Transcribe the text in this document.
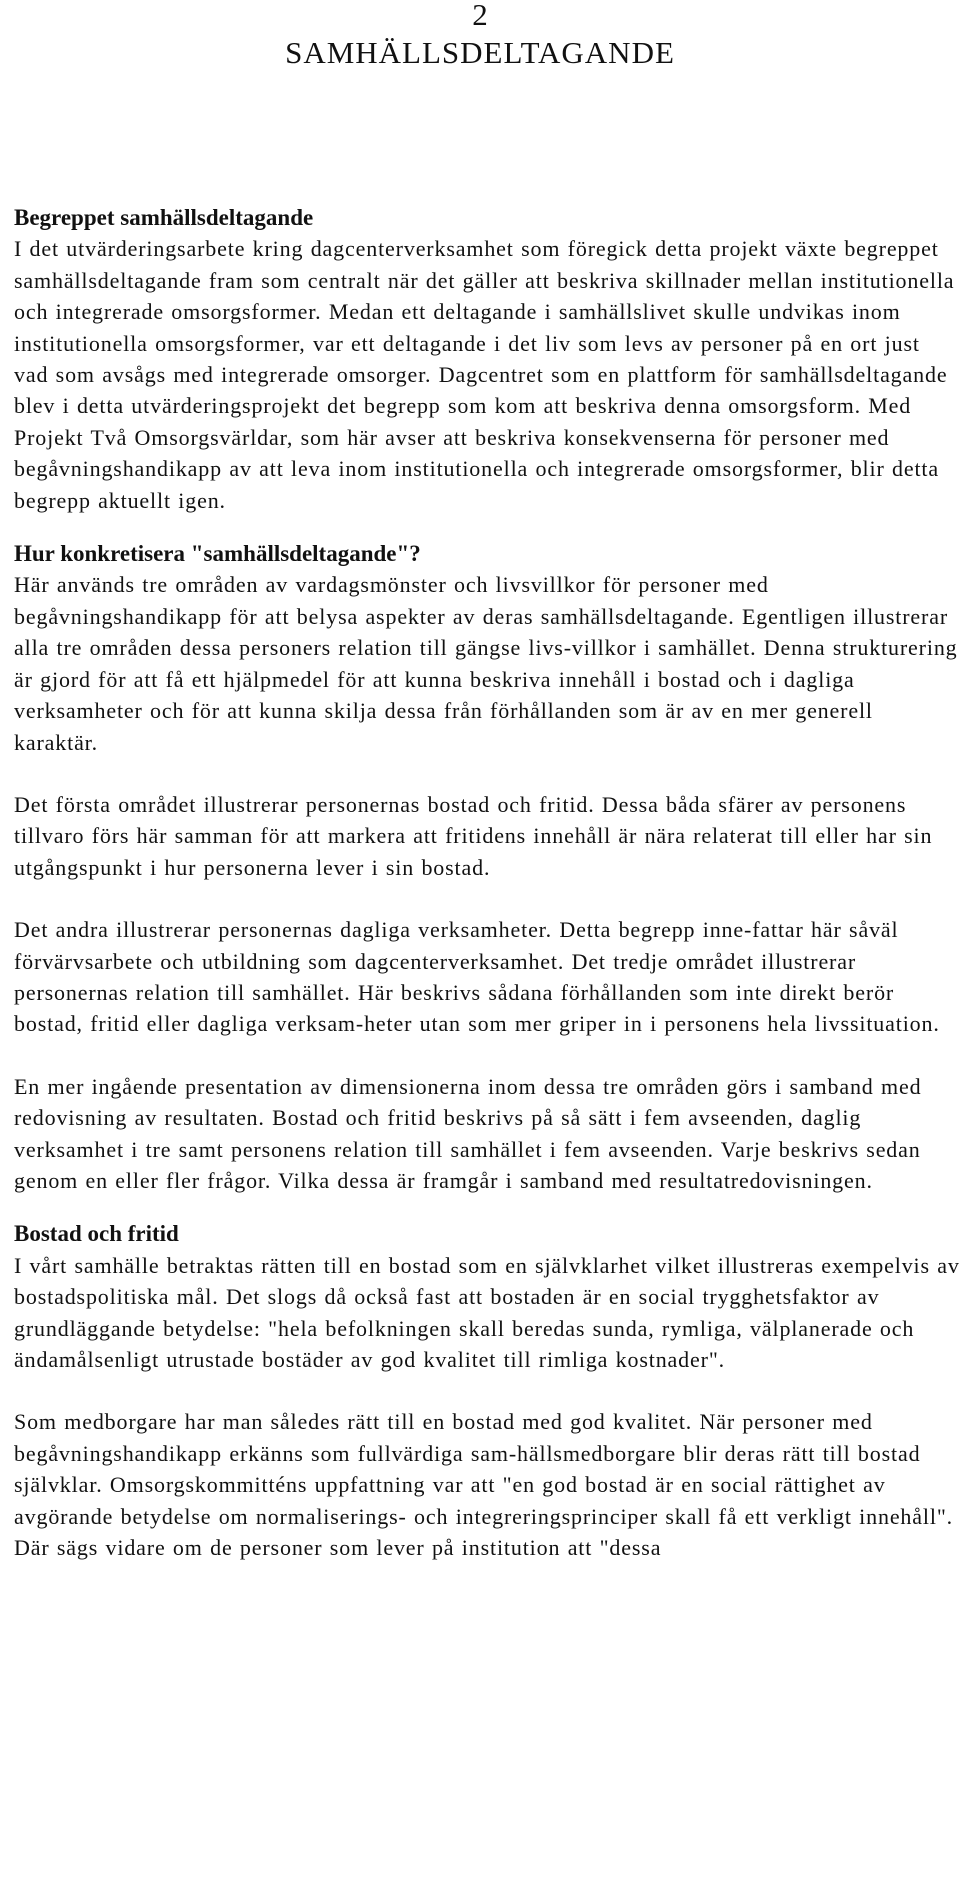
2
SAMHÄLLSDELTAGANDE
Begreppet samhällsdeltagande

I det utvärderingsarbete kring dagcenterverksamhet som föregick detta projekt växte begreppet samhällsdeltagande fram som centralt när det gäller att beskriva skillnader mellan institutionella och integrerade omsorgsformer. Medan ett deltagande i samhällslivet skulle undvikas inom institutionella omsorgsformer, var ett deltagande i det liv som levs av personer på en ort just vad som avsågs med integrerade omsorger. Dagcentret som en plattform för samhällsdeltagande blev i detta utvärderingsprojekt det begrepp som kom att beskriva denna omsorgsform. Med Projekt Två Omsorgsvärldar, som här avser att beskriva konsekvenserna för personer med begåvningshandikapp av att leva inom institutionella och integrerade omsorgsformer, blir detta begrepp aktuellt igen.

Hur konkretisera "samhällsdeltagande"?

Här används tre områden av vardagsmönster och livsvillkor för personer med begåvningshandikapp för att belysa aspekter av deras samhällsdeltagande. Egentligen illustrerar alla tre områden dessa personers relation till gängse livs-villkor i samhället. Denna strukturering är gjord för att få ett hjälpmedel för att kunna beskriva innehåll i bostad och i dagliga verksamheter och för att kunna skilja dessa från förhållanden som är av en mer generell karaktär.

Det första området illustrerar personernas bostad och fritid. Dessa båda sfärer av personens tillvaro förs här samman för att markera att fritidens innehåll är nära relaterat till eller har sin utgångspunkt i hur personerna lever i sin bostad.

Det andra illustrerar personernas dagliga verksamheter. Detta begrepp inne-fattar här såväl förvärvsarbete och utbildning som dagcenterverksamhet. Det tredje området illustrerar personernas relation till samhället. Här beskrivs sådana förhållanden som inte direkt berör bostad, fritid eller dagliga verksam-heter utan som mer griper in i personens hela livssituation.

En mer ingående presentation av dimensionerna inom dessa tre områden görs i samband med redovisning av resultaten. Bostad och fritid beskrivs på så sätt i fem avseenden, daglig verksamhet i tre samt personens relation till samhället i fem avseenden. Varje beskrivs sedan genom en eller fler frågor. Vilka dessa är framgår i samband med resultatredovisningen.

Bostad och fritid

I vårt samhälle betraktas rätten till en bostad som en självklarhet vilket illustreras exempelvis av bostadspolitiska mål. Det slogs då också fast att bostaden är en social trygghetsfaktor av grundläggande betydelse: "hela befolkningen skall beredas sunda, rymliga, välplanerade och ändamålsenligt utrustade bostäder av god kvalitet till rimliga kostnader".

Som medborgare har man således rätt till en bostad med god kvalitet. När personer med begåvningshandikapp erkänns som fullvärdiga sam-hällsmedborgare blir deras rätt till bostad självklar. Omsorgskommitténs uppfattning var att "en god bostad är en social rättighet av avgörande betydelse om normaliserings- och integreringsprinciper skall få ett verkligt innehåll". Där sägs vidare om de personer som lever på institution att "dessa
